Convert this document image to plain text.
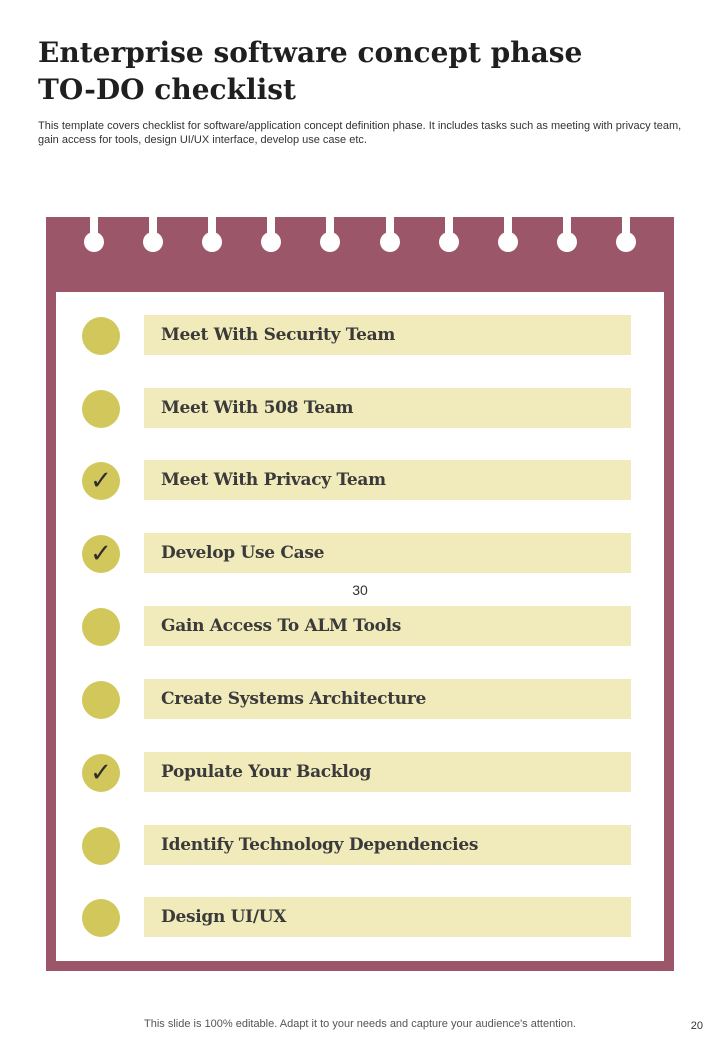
Enterprise software concept phase
TO-DO checklist
This template covers checklist for software/application concept definition phase. It includes tasks such as meeting with privacy team, gain access for tools, design UI/UX interface, develop use case etc.
Meet With Security Team
Meet With 508 Team
✓	Meet With Privacy Team
✓	Develop Use Case
Gain Access To ALM Tools
Create Systems Architecture
✓	Populate Your Backlog
Identify Technology Dependencies
Design UI/UX
30
This slide is 100% editable. Adapt it to your needs and capture your audience's attention.	20
